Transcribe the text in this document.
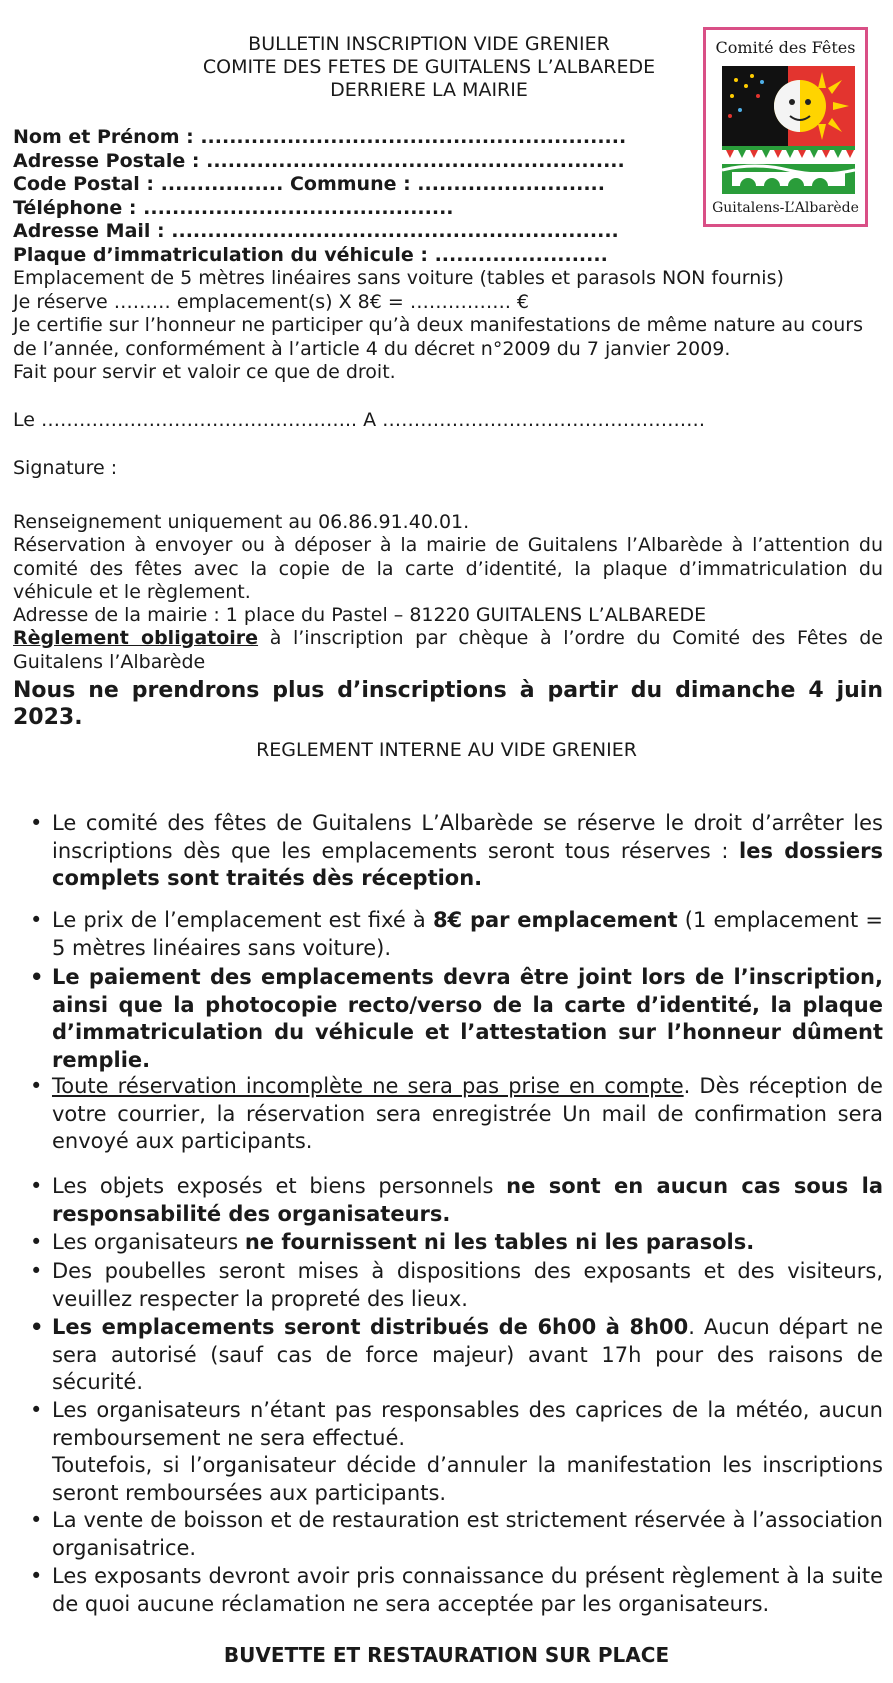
BULLETIN INSCRIPTION VIDE GRENIER
COMITE DES FETES DE GUITALENS L’ALBAREDE
DERRIERE LA MAIRIE
Comité des Fêtes
Guitalens-L’Albarède
Nom et Prénom : ...........................................................
Adresse Postale : ..........................................................
Code Postal : ................. Commune : ..........................
Téléphone : ...........................................
Adresse Mail : ..............................................................
Plaque d’immatriculation du véhicule : ........................
Emplacement de 5 mètres linéaires sans voiture (tables et parasols NON fournis)
Je réserve ……… emplacement(s) X 8€ = ……………. €
Je certifie sur l’honneur ne participer qu’à deux manifestations de même nature au cours de l’année, conformément à l’article 4 du décret n°2009 du 7 janvier 2009.
Fait pour servir et valoir ce que de droit.
Le ………………………………………….. A ……………………………………………
Signature :
Renseignement uniquement au 06.86.91.40.01.
Réservation à envoyer ou à déposer à la mairie de Guitalens l’Albarède à l’attention du comité des fêtes avec la copie de la carte d’identité, la plaque d’immatriculation du véhicule et le règlement.
Adresse de la mairie : 1 place du Pastel – 81220 GUITALENS L’ALBAREDE
Règlement obligatoire à l’inscription par chèque à l’ordre du Comité des Fêtes de Guitalens l’Albarède
Nous ne prendrons plus d’inscriptions à partir du dimanche 4 juin 2023.
REGLEMENT INTERNE AU VIDE GRENIER
• Le comité des fêtes de Guitalens L’Albarède se réserve le droit d’arrêter les inscriptions dès que les emplacements seront tous réserves : les dossiers complets sont traités dès réception.
• Le prix de l’emplacement est fixé à 8€ par emplacement (1 emplacement = 5 mètres linéaires sans voiture).
• Le paiement des emplacements devra être joint lors de l’inscription, ainsi que la photocopie recto/verso de la carte d’identité, la plaque d’immatriculation du véhicule et l’attestation sur l’honneur dûment remplie.
• Toute réservation incomplète ne sera pas prise en compte. Dès réception de votre courrier, la réservation sera enregistrée Un mail de confirmation sera envoyé aux participants.
• Les objets exposés et biens personnels ne sont en aucun cas sous la responsabilité des organisateurs.
• Les organisateurs ne fournissent ni les tables ni les parasols.
• Des poubelles seront mises à dispositions des exposants et des visiteurs, veuillez respecter la propreté des lieux.
• Les emplacements seront distribués de 6h00 à 8h00. Aucun départ ne sera autorisé (sauf cas de force majeur) avant 17h pour des raisons de sécurité.
• Les organisateurs n’étant pas responsables des caprices de la météo, aucun remboursement ne sera effectué.
Toutefois, si l’organisateur décide d’annuler la manifestation les inscriptions seront remboursées aux participants.
• La vente de boisson et de restauration est strictement réservée à l’association organisatrice.
• Les exposants devront avoir pris connaissance du présent règlement à la suite de quoi aucune réclamation ne sera acceptée par les organisateurs.
BUVETTE ET RESTAURATION SUR PLACE
